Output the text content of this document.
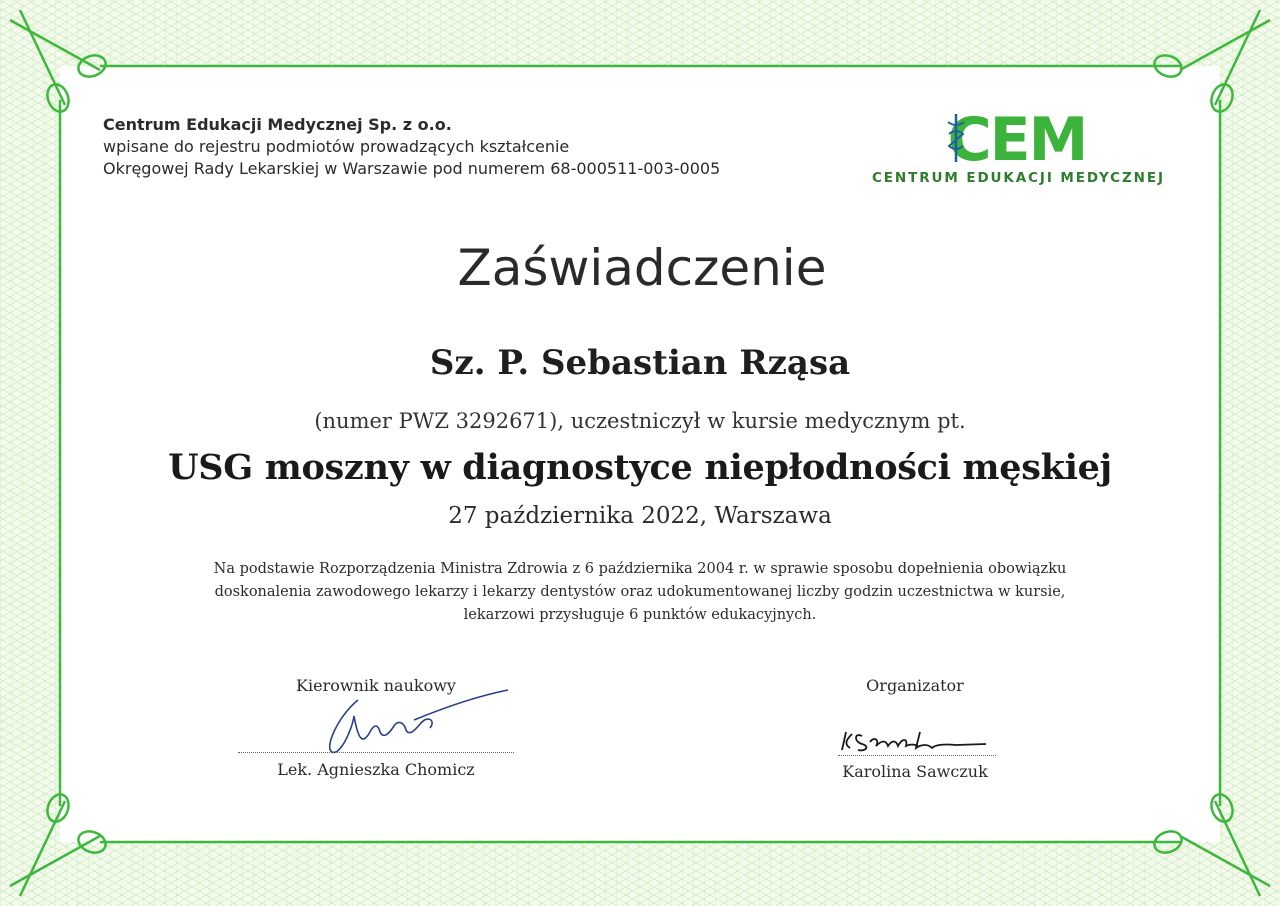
Centrum Edukacji Medycznej Sp. z o.o.
wpisane do rejestru podmiotów prowadzących kształcenie
Okręgowej Rady Lekarskiej w Warszawie pod numerem 68-000511-003-0005	CEM
CENTRUM EDUKACJI MEDYCZNEJ
Zaświadczenie
Sz. P. Sebastian Rząsa
(numer PWZ 3292671), uczestniczył w kursie medycznym pt.
USG moszny w diagnostyce niepłodności męskiej
27 października 2022, Warszawa
Na podstawie Rozporządzenia Ministra Zdrowia z 6 października 2004 r. w sprawie sposobu dopełnienia obowiązku
doskonalenia zawodowego lekarzy i lekarzy dentystów oraz udokumentowanej liczby godzin uczestnictwa w kursie,
lekarzowi przysługuje 6 punktów edukacyjnych.
Kierownik naukowy
Lek. Agnieszka Chomicz
Organizator
Karolina Sawczuk
